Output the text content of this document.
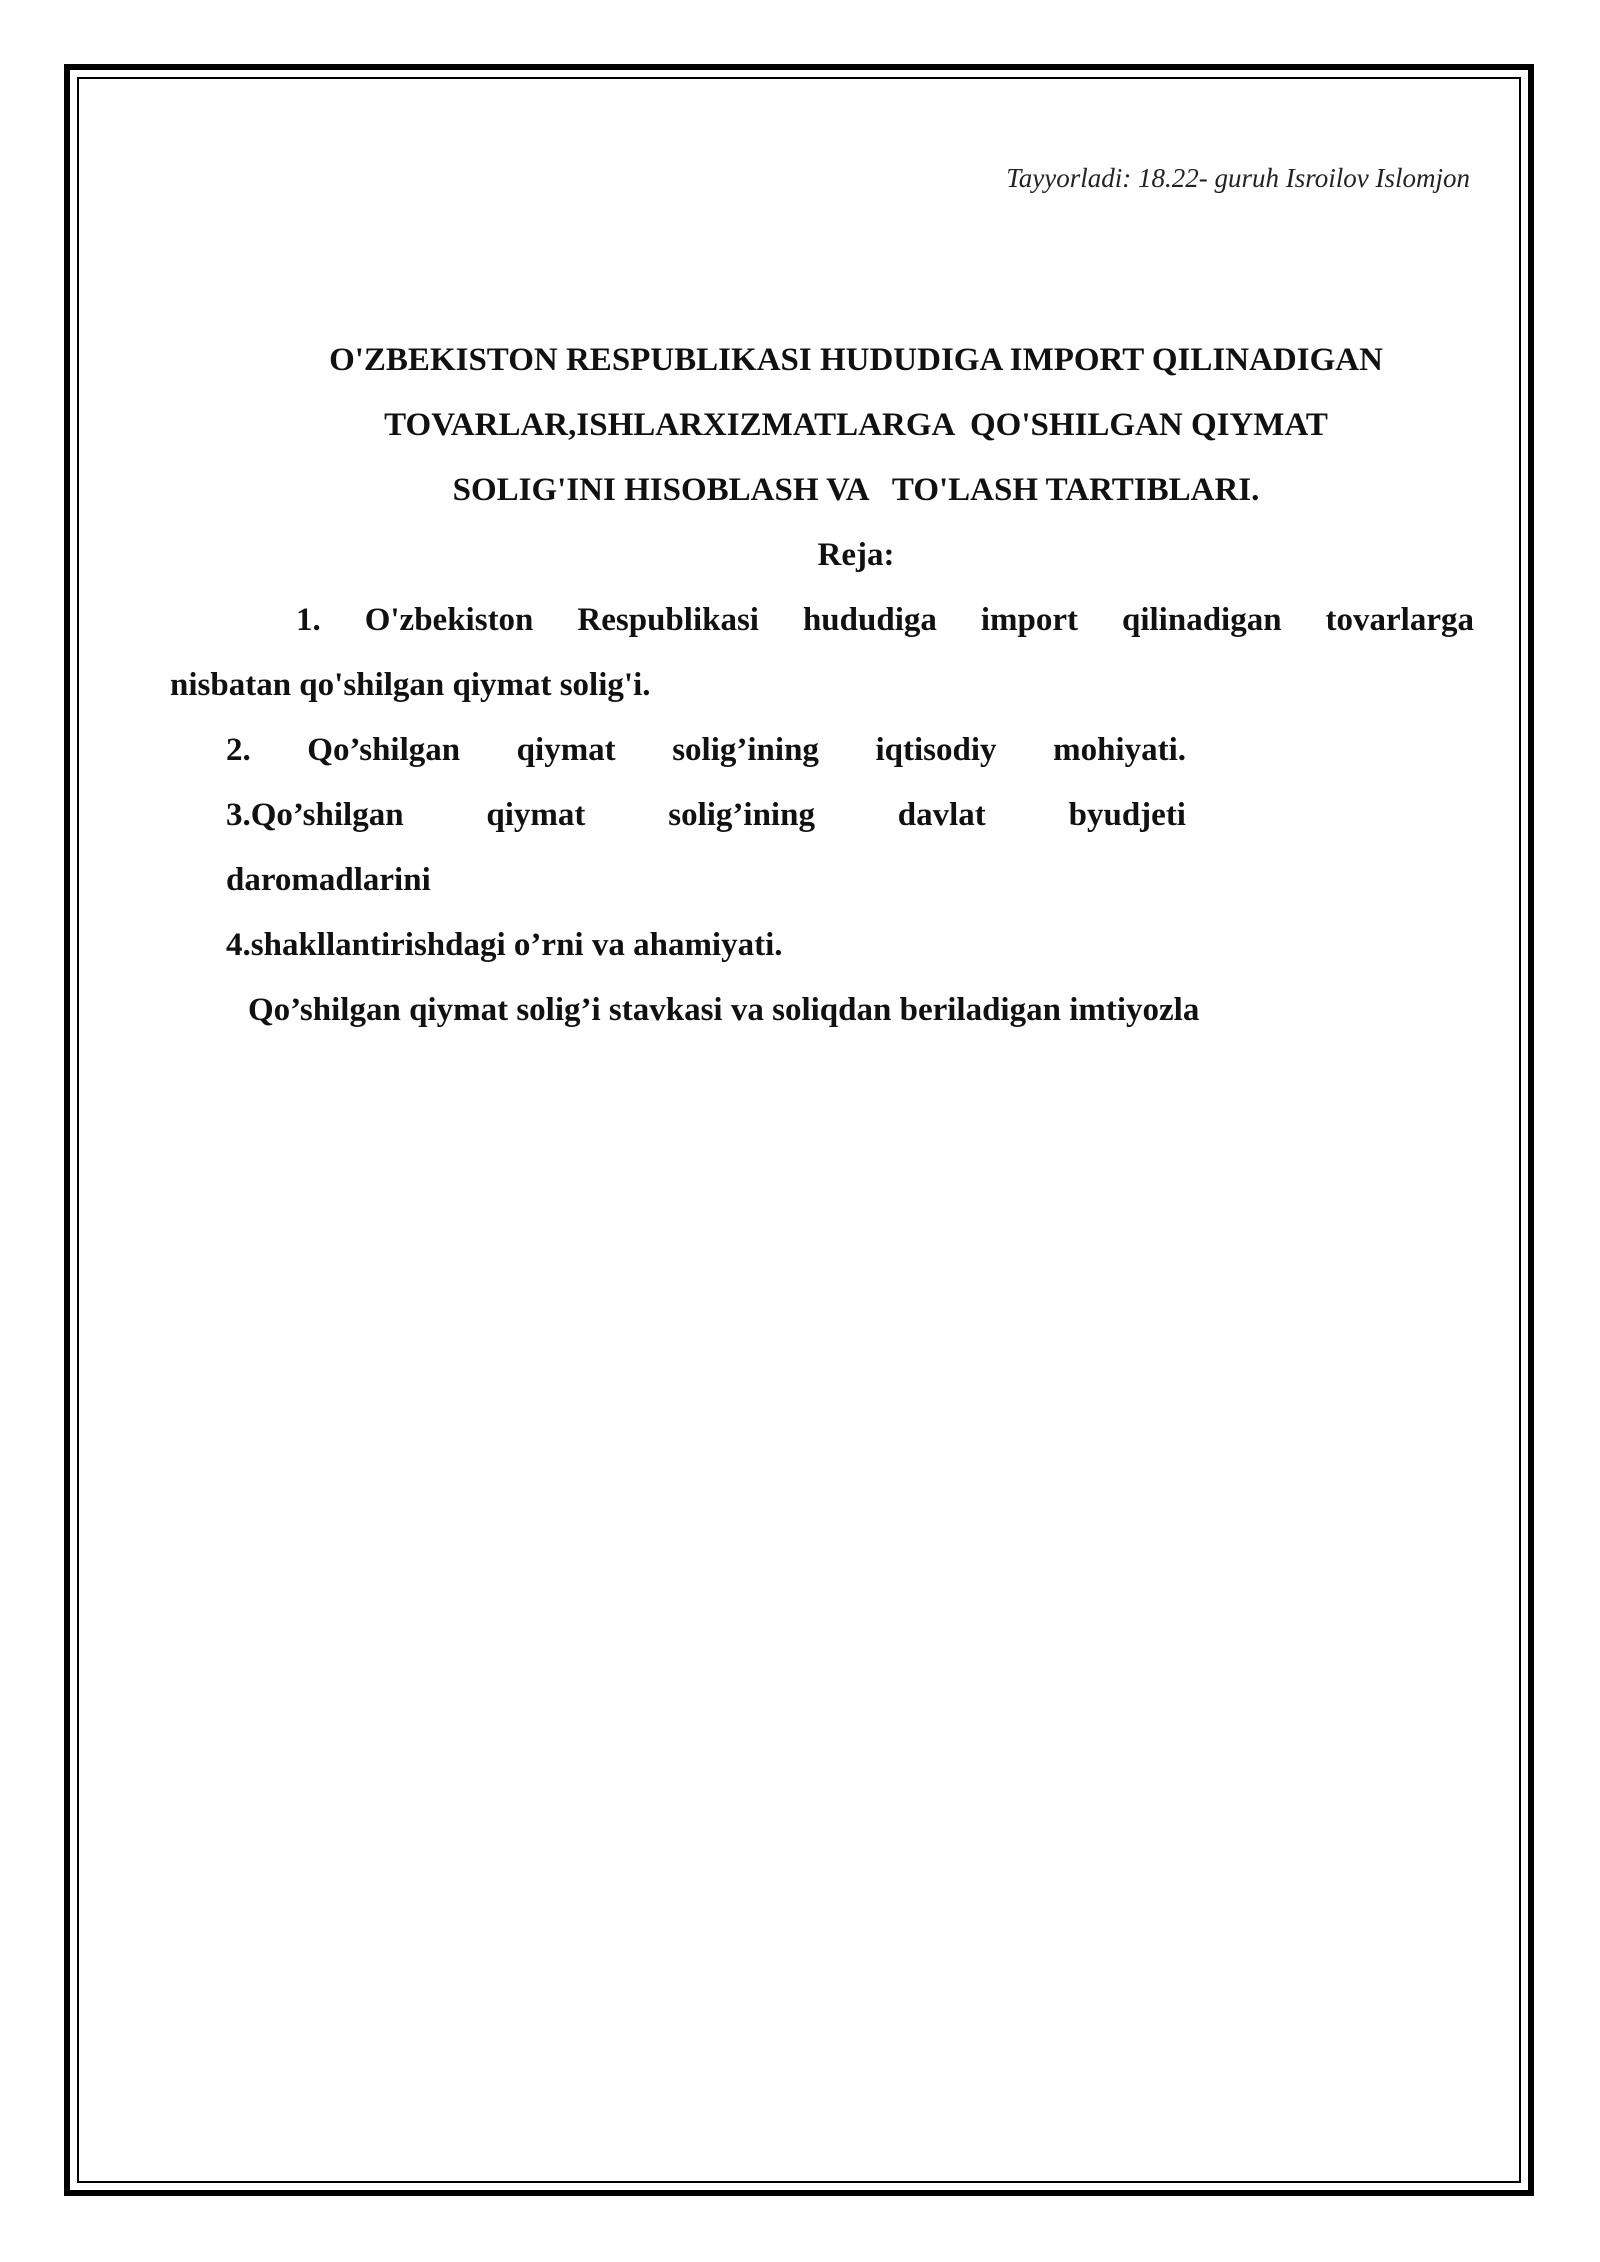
Tayyorladi: 18.22- guruh Isroilov Islomjon
O'ZBEKISTON RESPUBLIKASI HUDUDIGA IMPORT QILINADIGAN
TOVARLAR,ISHLARXIZMATLARGA  QO'SHILGAN QIYMAT
SOLIG'INI HISOBLASH VA   TO'LASH TARTIBLARI.
Reja:
1. O'zbekiston Respublikasi hududiga import qilinadigan tovarlarga
nisbatan qo'shilgan qiymat solig'i.
2. Qo’shilgan qiymat solig’ining iqtisodiy mohiyati.
3.Qo’shilgan	qiymat	solig’ining	davlat	byudjeti
daromadlarini
4.shakllantirishdagi o’rni va ahamiyati.
Qo’shilgan qiymat solig’i stavkasi va soliqdan beriladigan imtiyozla
